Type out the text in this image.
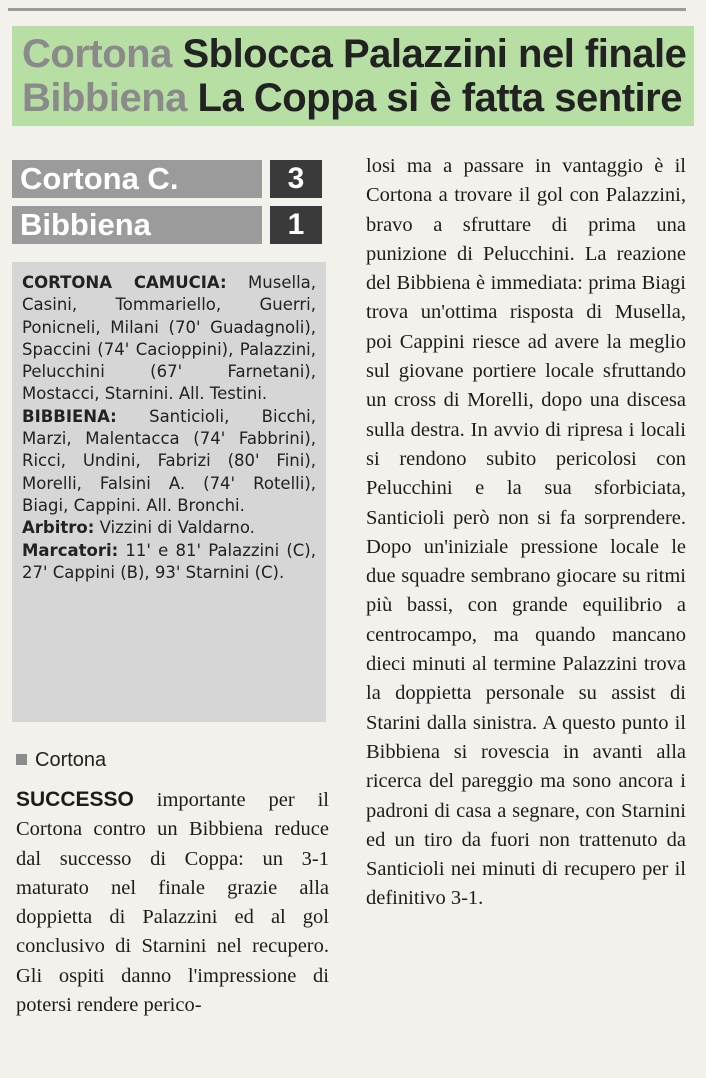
Cortona Sblocca Palazzini nel finale
Bibbiena La Coppa si è fatta sentire
Cortona C.	3
Bibbiena	1

CORTONA CAMUCIA: Musella, Casini, Tommariello, Guerri, Ponicneli, Milani (70' Guadagnoli), Spaccini (74' Cacioppini), Palazzini, Pelucchini (67' Farnetani), Mostacci, Starnini. All. Testini.

BIBBIENA: Santicioli, Bicchi, Marzi, Malentacca (74' Fabbrini), Ricci, Undini, Fabrizi (80' Fini), Morelli, Falsini A. (74' Rotelli), Biagi, Cappini. All. Bronchi.

Arbitro: Vizzini di Valdarno.

Marcatori: 11' e 81' Palazzini (C), 27' Cappini (B), 93' Starnini (C).

Cortona

SUCCESSO importante per il Cortona contro un Bibbiena reduce dal successo di Coppa: un 3-1 maturato nel finale grazie alla doppietta di Palazzini ed al gol conclusivo di Starnini nel recupero. Gli ospiti danno l'impressione di potersi rendere perico-

losi ma a passare in vantaggio è il Cortona a trovare il gol con Palazzini, bravo a sfruttare di prima una punizione di Pelucchini. La reazione del Bibbiena è immediata: prima Biagi trova un'ottima risposta di Musella, poi Cappini riesce ad avere la meglio sul giovane portiere locale sfruttando un cross di Morelli, dopo una discesa sulla destra. In avvio di ripresa i locali si rendono subito pericolosi con Pelucchini e la sua sforbiciata, Santicioli però non si fa sorprendere. Dopo un'iniziale pressione locale le due squadre sembrano giocare su ritmi più bassi, con grande equilibrio a centrocampo, ma quando mancano dieci minuti al termine Palazzini trova la doppietta personale su assist di Starini dalla sinistra. A questo punto il Bibbiena si rovescia in avanti alla ricerca del pareggio ma sono ancora i padroni di casa a segnare, con Starnini ed un tiro da fuori non trattenuto da Santicioli nei minuti di recupero per il definitivo 3-1.
